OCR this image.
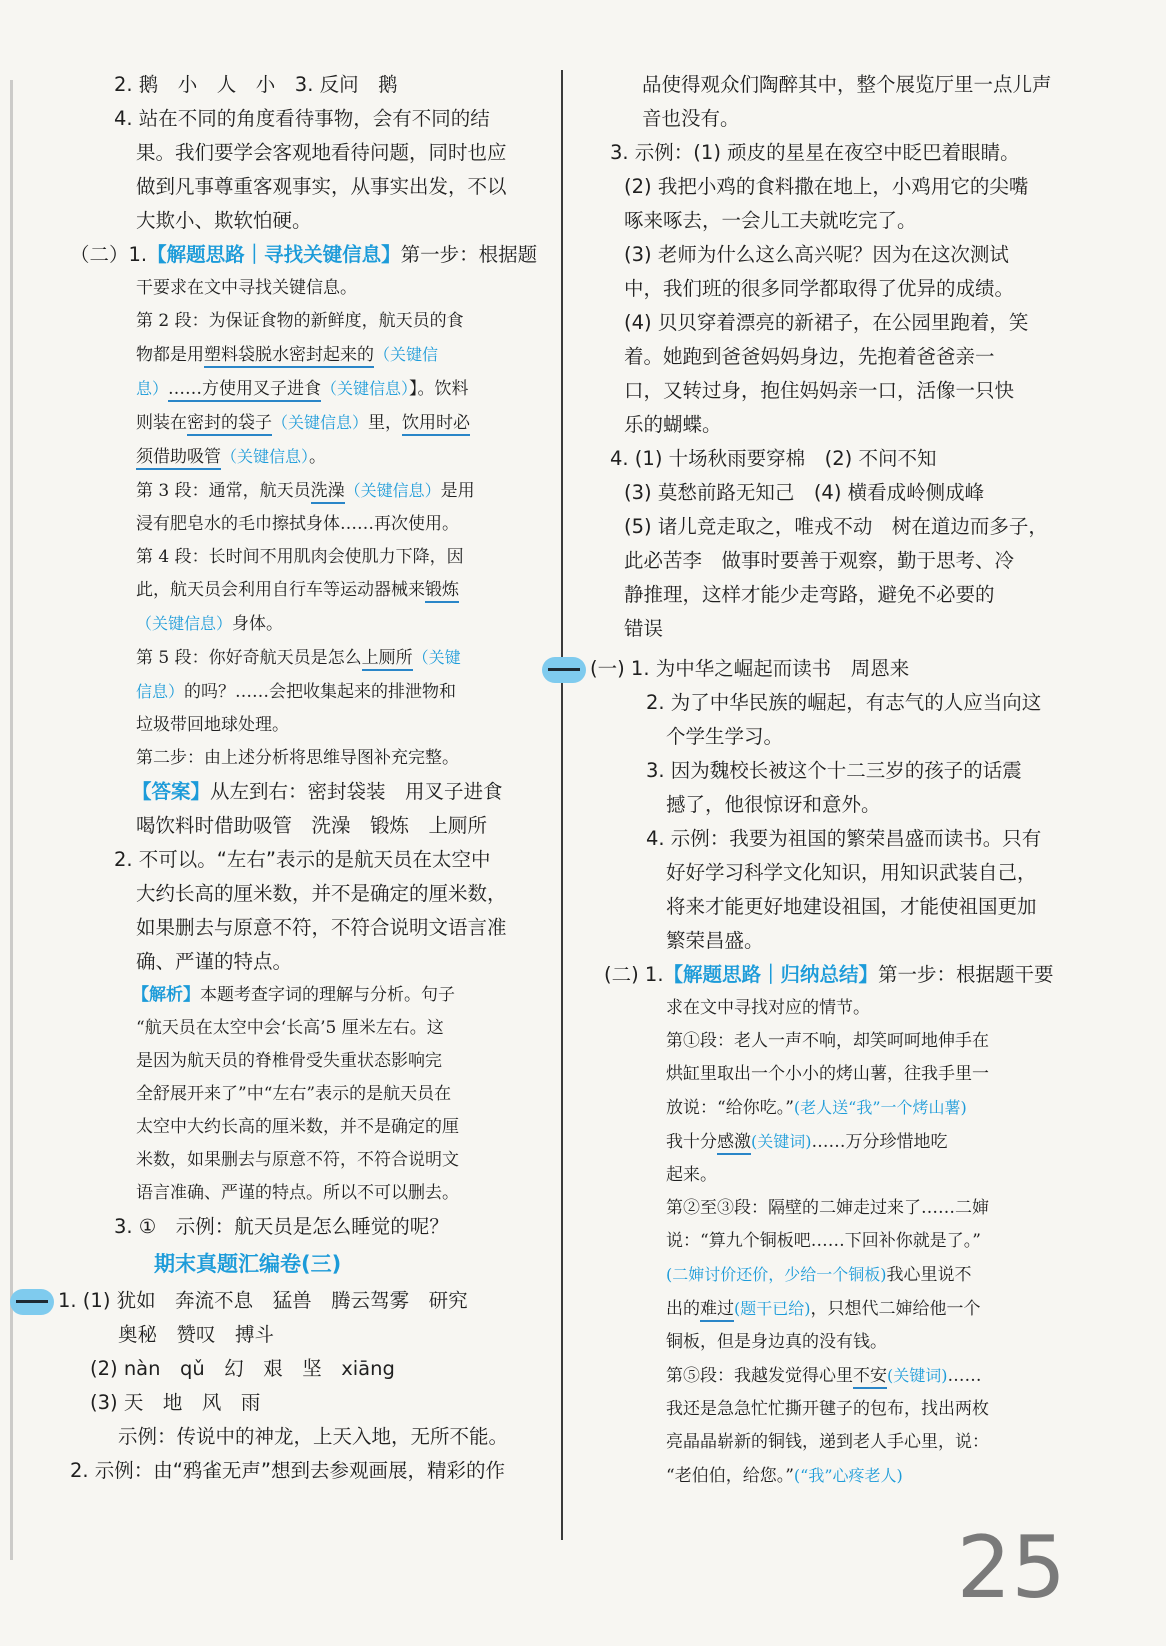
2. 鹅　小　人　小　3. 反问　鹅
4. 站在不同的角度看待事物，会有不同的结
果。我们要学会客观地看待问题，同时也应
做到凡事尊重客观事实，从事实出发，不以
大欺小、欺软怕硬。
（二）1.【解题思路｜寻找关键信息】第一步：根据题
干要求在文中寻找关键信息。
第 2 段：为保证食物的新鲜度，航天员的食
物都是用塑料袋脱水密封起来的（关键信
息）……方使用叉子进食（关键信息）】。饮料
则装在密封的袋子（关键信息）里，饮用时必
须借助吸管（关键信息）。
第 3 段：通常，航天员洗澡（关键信息）是用
浸有肥皂水的毛巾擦拭身体……再次使用。
第 4 段：长时间不用肌肉会使肌力下降，因
此，航天员会利用自行车等运动器械来锻炼
（关键信息）身体。
第 5 段：你好奇航天员是怎么上厕所（关键
信息）的吗？……会把收集起来的排泄物和
垃圾带回地球处理。
第二步：由上述分析将思维导图补充完整。
【答案】从左到右：密封袋装　用叉子进食
喝饮料时借助吸管　洗澡　锻炼　上厕所
2. 不可以。“左右”表示的是航天员在太空中
大约长高的厘米数，并不是确定的厘米数，
如果删去与原意不符，不符合说明文语言准
确、严谨的特点。
【解析】本题考查字词的理解与分析。句子
“航天员在太空中会‘长高’5 厘米左右。这
是因为航天员的脊椎骨受失重状态影响完
全舒展开来了”中“左右”表示的是航天员在
太空中大约长高的厘米数，并不是确定的厘
米数，如果删去与原意不符，不符合说明文
语言准确、严谨的特点。所以不可以删去。
3. ①　示例：航天员是怎么睡觉的呢？
期末真题汇编卷(三)
1. (1) 犹如　奔流不息　猛兽　腾云驾雾　研究
奥秘　赞叹　搏斗
(2) nàn　qǔ　幻　艰　坚　xiāng
(3) 天　地　风　雨
示例：传说中的神龙，上天入地，无所不能。
2. 示例：由“鸦雀无声”想到去参观画展，精彩的作
品使得观众们陶醉其中，整个展览厅里一点儿声
音也没有。
3. 示例：(1) 顽皮的星星在夜空中眨巴着眼睛。
(2) 我把小鸡的食料撒在地上，小鸡用它的尖嘴
啄来啄去，一会儿工夫就吃完了。
(3) 老师为什么这么高兴呢？因为在这次测试
中，我们班的很多同学都取得了优异的成绩。
(4) 贝贝穿着漂亮的新裙子，在公园里跑着，笑
着。她跑到爸爸妈妈身边，先抱着爸爸亲一
口，又转过身，抱住妈妈亲一口，活像一只快
乐的蝴蝶。
4. (1) 十场秋雨要穿棉　(2) 不问不知
(3) 莫愁前路无知己　(4) 横看成岭侧成峰
(5) 诸儿竞走取之，唯戎不动　树在道边而多子，
此必苦李　做事时要善于观察，勤于思考、冷
静推理，这样才能少走弯路，避免不必要的
错误
(一) 1. 为中华之崛起而读书　周恩来
2. 为了中华民族的崛起，有志气的人应当向这
个学生学习。
3. 因为魏校长被这个十二三岁的孩子的话震
撼了，他很惊讶和意外。
4. 示例：我要为祖国的繁荣昌盛而读书。只有
好好学习科学文化知识，用知识武装自己，
将来才能更好地建设祖国，才能使祖国更加
繁荣昌盛。
(二) 1.【解题思路｜归纳总结】第一步：根据题干要
求在文中寻找对应的情节。
第①段：老人一声不响，却笑呵呵地伸手在
烘缸里取出一个小小的烤山薯，往我手里一
放说：“给你吃。”(老人送“我”一个烤山薯)
我十分感激(关键词)……万分珍惜地吃
起来。
第②至③段：隔壁的二婶走过来了……二婶
说：“算九个铜板吧……下回补你就是了。”
(二婶讨价还价，少给一个铜板)我心里说不
出的难过(题干已给)，只想代二婶给他一个
铜板，但是身边真的没有钱。
第⑤段：我越发觉得心里不安(关键词)……
我还是急急忙忙撕开毽子的包布，找出两枚
亮晶晶崭新的铜钱，递到老人手心里，说：
“老伯伯，给您。”(“我”心疼老人)
25
